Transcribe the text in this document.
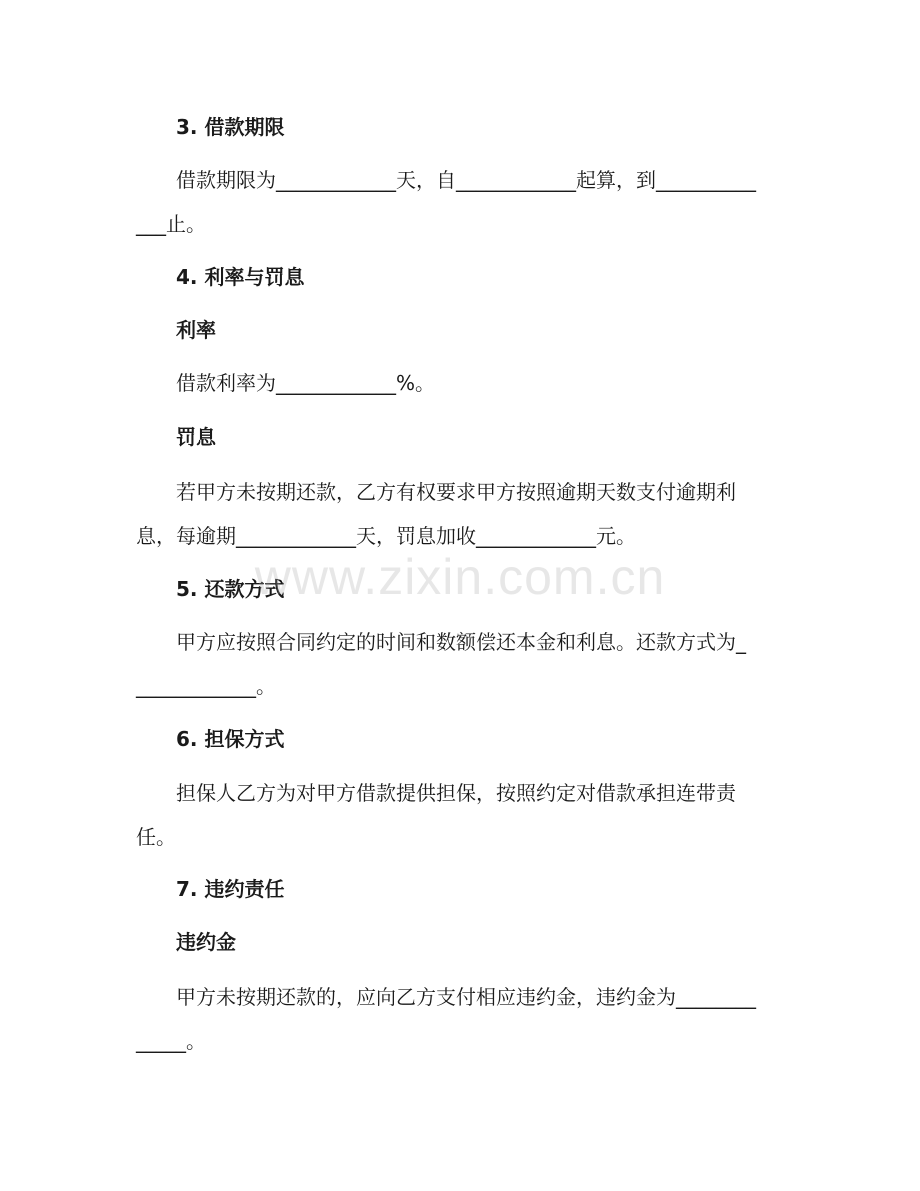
3. 借款期限
借款期限为____________天，自____________起算，到__________
___止。
4. 利率与罚息
利率
借款利率为____________%。
罚息
若甲方未按期还款，乙方有权要求甲方按照逾期天数支付逾期利
息，每逾期____________天，罚息加收____________元。
5. 还款方式
甲方应按照合同约定的时间和数额偿还本金和利息。还款方式为_
____________。
6. 担保方式
担保人乙方为对甲方借款提供担保，按照约定对借款承担连带责
任。
7. 违约责任
违约金
甲方未按期还款的，应向乙方支付相应违约金，违约金为________
_____。
www.zixin.com.cn
